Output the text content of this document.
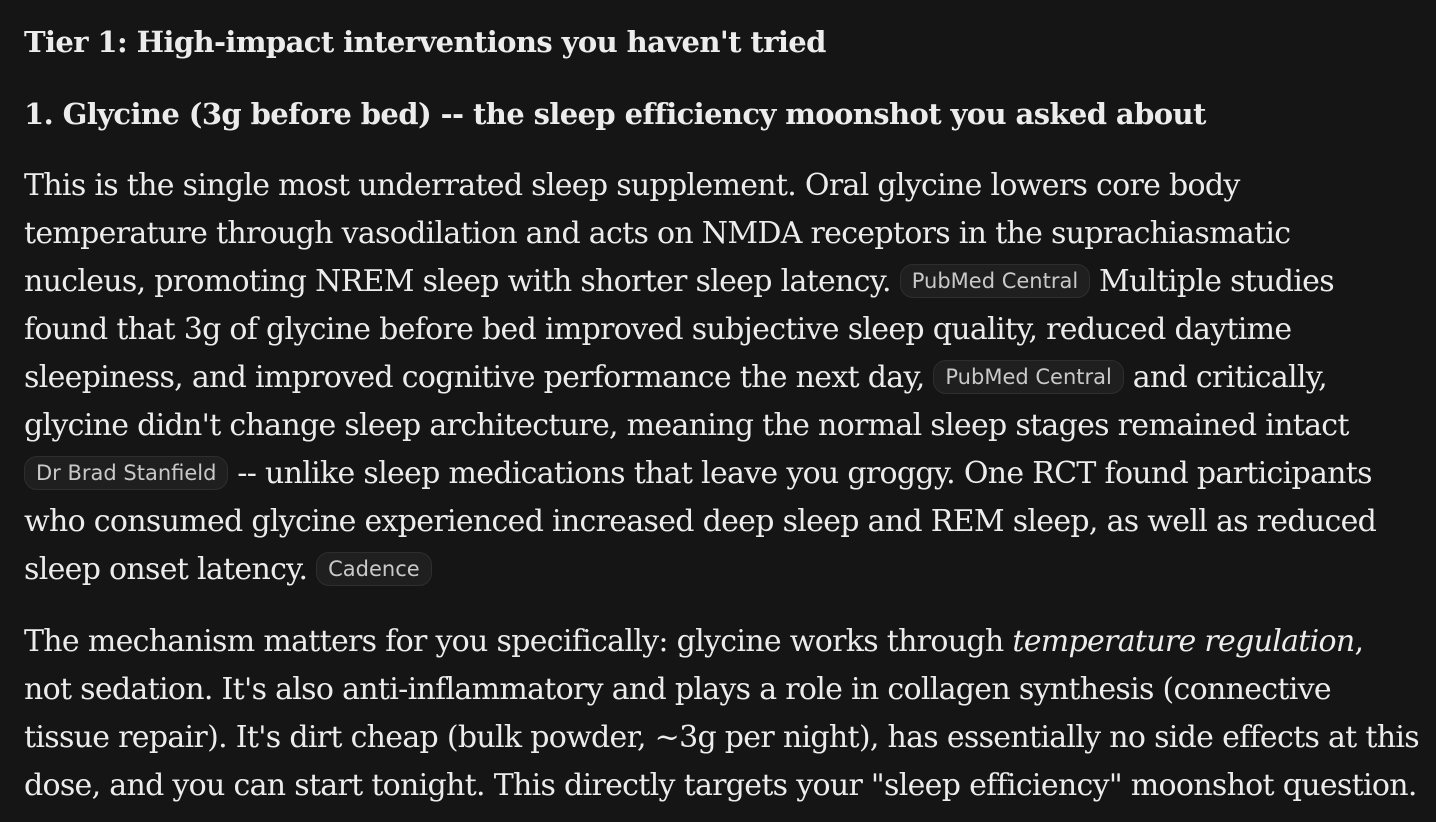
Tier 1: High-impact interventions you haven't tried

1. Glycine (3g before bed) -- the sleep efficiency moonshot you asked about

This is the single most underrated sleep supplement. Oral glycine lowers core body
temperature through vasodilation and acts on NMDA receptors in the suprachiasmatic
nucleus, promoting NREM sleep with shorter sleep latency. PubMed Central Multiple studies
found that 3g of glycine before bed improved subjective sleep quality, reduced daytime
sleepiness, and improved cognitive performance the next day, PubMed Central and critically,
glycine didn't change sleep architecture, meaning the normal sleep stages remained intact
Dr Brad Stanfield -- unlike sleep medications that leave you groggy. One RCT found participants
who consumed glycine experienced increased deep sleep and REM sleep, as well as reduced
sleep onset latency. Cadence

The mechanism matters for you specifically: glycine works through temperature regulation,
not sedation. It's also anti-inflammatory and plays a role in collagen synthesis (connective
tissue repair). It's dirt cheap (bulk powder, ~3g per night), has essentially no side effects at this
dose, and you can start tonight. This directly targets your "sleep efficiency" moonshot question.
